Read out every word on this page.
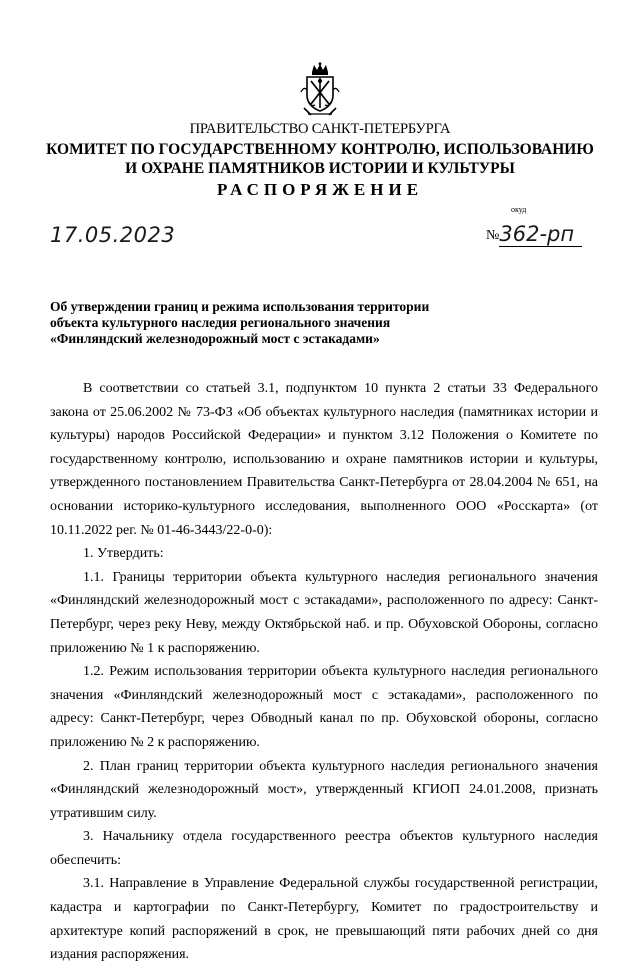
ПРАВИТЕЛЬСТВО САНКТ-ПЕТЕРБУРГА
КОМИТЕТ ПО ГОСУДАРСТВЕННОМУ КОНТРОЛЮ, ИСПОЛЬЗОВАНИЮ
И ОХРАНЕ ПАМЯТНИКОВ ИСТОРИИ И КУЛЬТУРЫ
РАСПОРЯЖЕНИЕ
окуд
17.05.2023	№362-рп
Об утверждении границ и режима использования территории
объекта культурного наследия регионального значения
«Финляндский железнодорожный мост с эстакадами»

В соответствии со статьей 3.1, подпунктом 10 пункта 2 статьи 33 Федерального закона от 25.06.2002 № 73-ФЗ «Об объектах культурного наследия (памятниках истории и культуры) народов Российской Федерации» и пунктом 3.12 Положения о Комитете по государственному контролю, использованию и охране памятников истории и культуры, утвержденного постановлением Правительства Санкт-Петербурга от 28.04.2004 № 651, на основании историко-культурного исследования, выполненного ООО «Росскарта» (от 10.11.2022 рег. № 01-46-3443/22-0-0):

1. Утвердить:

1.1. Границы территории объекта культурного наследия регионального значения «Финляндский железнодорожный мост с эстакадами», расположенного по адресу: Санкт-Петербург, через реку Неву, между Октябрьской наб. и пр. Обуховской Обороны, согласно приложению № 1 к распоряжению.

1.2. Режим использования территории объекта культурного наследия регионального значения «Финляндский железнодорожный мост с эстакадами», расположенного по адресу: Санкт-Петербург, через Обводный канал по пр. Обуховской обороны, согласно приложению № 2 к распоряжению.

2. План границ территории объекта культурного наследия регионального значения «Финляндский железнодорожный мост», утвержденный КГИОП 24.01.2008, признать утратившим силу.

3. Начальнику отдела государственного реестра объектов культурного наследия обеспечить:

3.1. Направление в Управление Федеральной службы государственной регистрации, кадастра и картографии по Санкт-Петербургу, Комитет по градостроительству и архитектуре копий распоряжений в срок, не превышающий пяти рабочих дней со дня издания распоряжения.
